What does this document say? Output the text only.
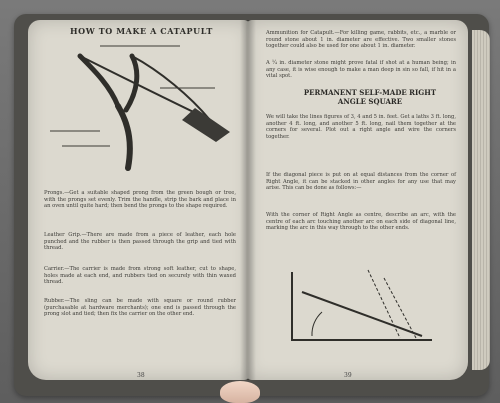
HOW TO MAKE A CATAPULT
Prongs.—Get a suitable shaped prong from the green bough or tree, with the prongs set evenly. Trim the handle, strip the bark and place in an oven until quite hard; then bend the prongs to the shape required.
Leather Grip.—There are made from a piece of leather, each hole punched and the rubber is then passed through the grip and tied with thread.
Carrier.—The carrier is made from strong soft leather, cut to shape, holes made at each end, and rubbers tied on securely with thin waxed thread.
Rubber.—The sling can be made with square or round rubber (purchasable at hardware merchants); one end is passed through the prong slot and tied; then fix the carrier on the other end.
38
Ammunition for Catapult.—For killing game, rabbits, etc., a marble or round stone about 1 in. diameter are effective. Two smaller stones together could also be used for one about 1 in. diameter.
A ¼ in. diameter stone might prove fatal if shot at a human being; in any case, it is wise enough to make a man deep in sin so fall, if hit in a vital spot.
PERMANENT SELF-MADE RIGHT
ANGLE SQUARE
We will take the lines figures of 3, 4 and 5 in. feet. Get a laths 3 ft. long, another 4 ft. long, and another 5 ft. long, nail them together at the corners for several. Plot out a right angle and wire the corners together.
If the diagonal piece is put on at equal distances from the corner of Right Angle, it can be stacked in other angles for any use that may arise. This can be done as follows:—
With the corner of Right Angle as centre, describe an arc, with the centre of each arc touching another arc on each side of diagonal line, marking the arc in this way through to the other ends.
39
